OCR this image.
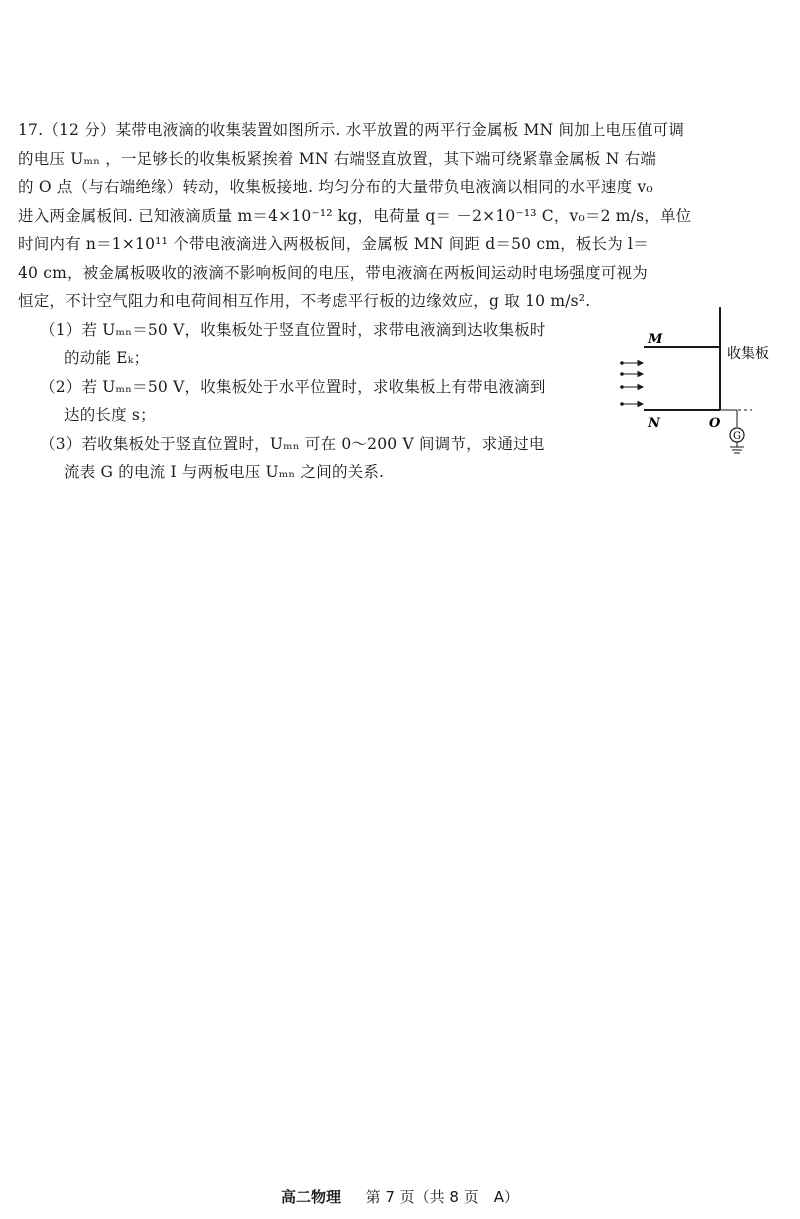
17.（12 分）某带电液滴的收集装置如图所示. 水平放置的两平行金属板 MN 间加上电压值可调
的电压 Uₘₙ ，一足够长的收集板紧挨着 MN 右端竖直放置，其下端可绕紧靠金属板 N 右端
的 O 点（与右端绝缘）转动，收集板接地. 均匀分布的大量带负电液滴以相同的水平速度 v₀
进入两金属板间. 已知液滴质量 m＝4×10⁻¹² kg，电荷量 q＝ －2×10⁻¹³ C，v₀＝2 m/s，单位
时间内有 n＝1×10¹¹ 个带电液滴进入两极板间，金属板 MN 间距 d＝50 cm，板长为 l＝
40 cm，被金属板吸收的液滴不影响板间的电压，带电液滴在两板间运动时电场强度可视为
恒定，不计空气阻力和电荷间相互作用，不考虑平行板的边缘效应，g 取 10 m/s².
（1）若 Uₘₙ＝50 V，收集板处于竖直位置时，求带电液滴到达收集板时
的动能 Eₖ；
（2）若 Uₘₙ＝50 V，收集板处于水平位置时，求收集板上有带电液滴到
达的长度 s；
（3）若收集板处于竖直位置时，Uₘₙ 可在 0～200 V 间调节，求通过电
流表 G 的电流 I 与两板电压 Uₘₙ 之间的关系.
G
M
N	O
收集板
高二物理 　 第 7 页（共 8 页　A）
